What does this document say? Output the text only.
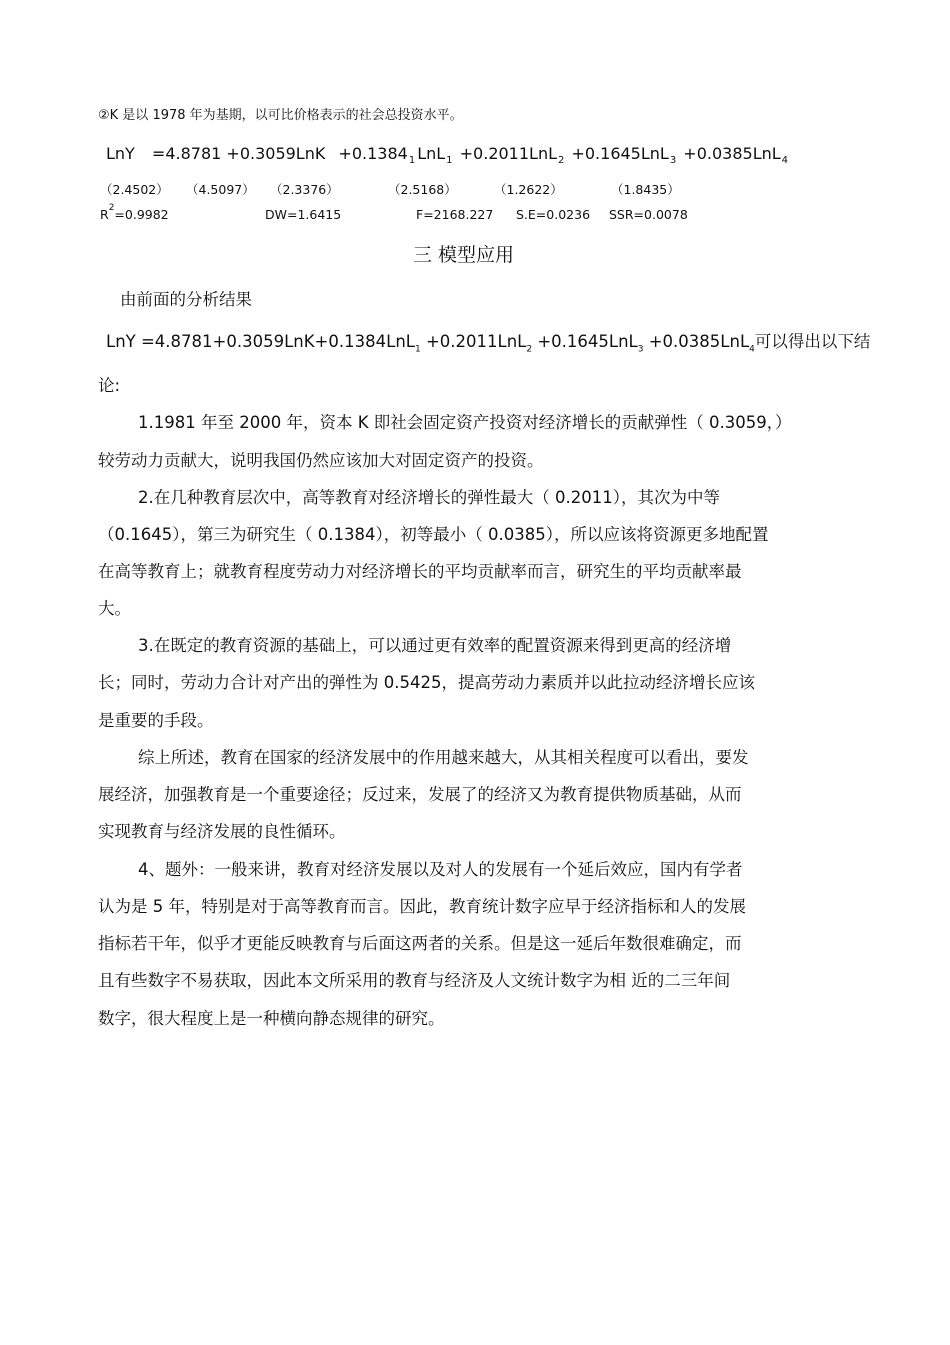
②K 是以 1978 年为基期，以可比价格表示的社会总投资水平。
LnY $=4.8781 +0.3059LnK +0.1384_1$ LnL$_1$ +0.2011LnL$_2$ +0.1645LnL$_3$ +0.0385LnL$_4$
（2.4502） （4.5097） （2.3376）	（2.5168）	（1.2622）	（1.8435）
$R^2=0.9982$	DW=1.6415	F=2168.227 S.E=0.0236 SSR=0.0078
三 模型应用
由前面的分析结果
LnY =4.8781+0.3059LnK+0.1384LnL$_1$ +0.2011LnL$_2$ +0.1645LnL$_3$ +0.0385LnL$_4$可以得出以下结
论:
1.1981 年至 2000 年，资本 K 即社会固定资产投资对经济增长的贡献弹性（ 0.3059，）
较劳动力贡献大，说明我国仍然应该加大对固定资产的投资。
2.在几种教育层次中，高等教育对经济增长的弹性最大（ 0.2011），其次为中等
（0.1645），第三为研究生（ 0.1384），初等最小（ 0.0385），所以应该将资源更多地配置
在高等教育上；就教育程度劳动力对经济增长的平均贡献率而言，研究生的平均贡献率最
大。
3.在既定的教育资源的基础上，可以通过更有效率的配置资源来得到更高的经济增
长；同时，劳动力合计对产出的弹性为 0.5425，提高劳动力素质并以此拉动经济增长应该
是重要的手段。
综上所述，教育在国家的经济发展中的作用越来越大，从其相关程度可以看出，要发
展经济，加强教育是一个重要途径；反过来，发展了的经济又为教育提供物质基础，从而
实现教育与经济发展的良性循环。
4、题外：一般来讲，教育对经济发展以及对人的发展有一个延后效应，国内有学者
认为是 5 年，特别是对于高等教育而言。因此，教育统计数字应早于经济指标和人的发展
指标若干年，似乎才更能反映教育与后面这两者的关系。但是这一延后年数很难确定，而
且有些数字不易获取，因此本文所采用的教育与经济及人文统计数字为相 近的二三年间
数字，很大程度上是一种横向静态规律的研究。
